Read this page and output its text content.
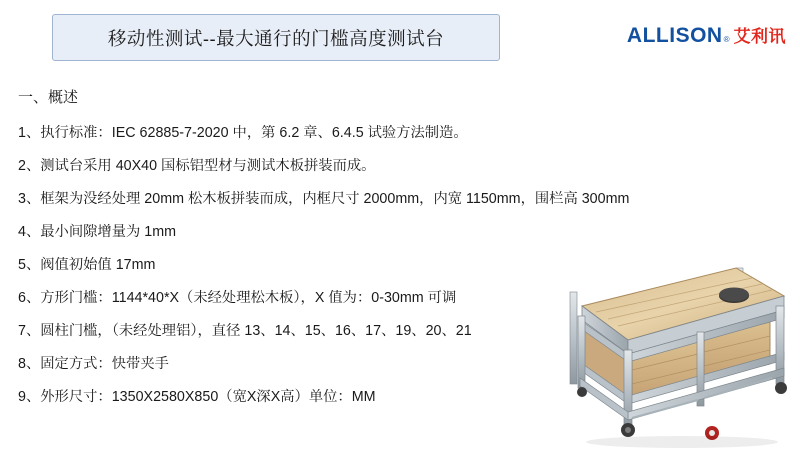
移动性测试--最大通行的门槛高度测试台	ALLISON ® 艾利讯
一、概述
1、执行标准：IEC 62885-7-2020 中，第 6.2 章、6.4.5 试验方法制造。
2、测试台采用 40X40 国标铝型材与测试木板拼装而成。
3、框架为没经处理 20mm 松木板拼装而成，内框尺寸 2000mm，内宽 1150mm，围栏高 300mm
4、最小间隙增量为 1mm
5、阀值初始值 17mm
6、方形门槛：1144*40*X（未经处理松木板），X 值为：0-30mm 可调
7、圆柱门槛，（未经处理铝），直径 13、14、15、16、17、19、20、21
8、固定方式：快带夹手
9、外形尺寸：1350X2580X850（宽X深X高）单位：MM
